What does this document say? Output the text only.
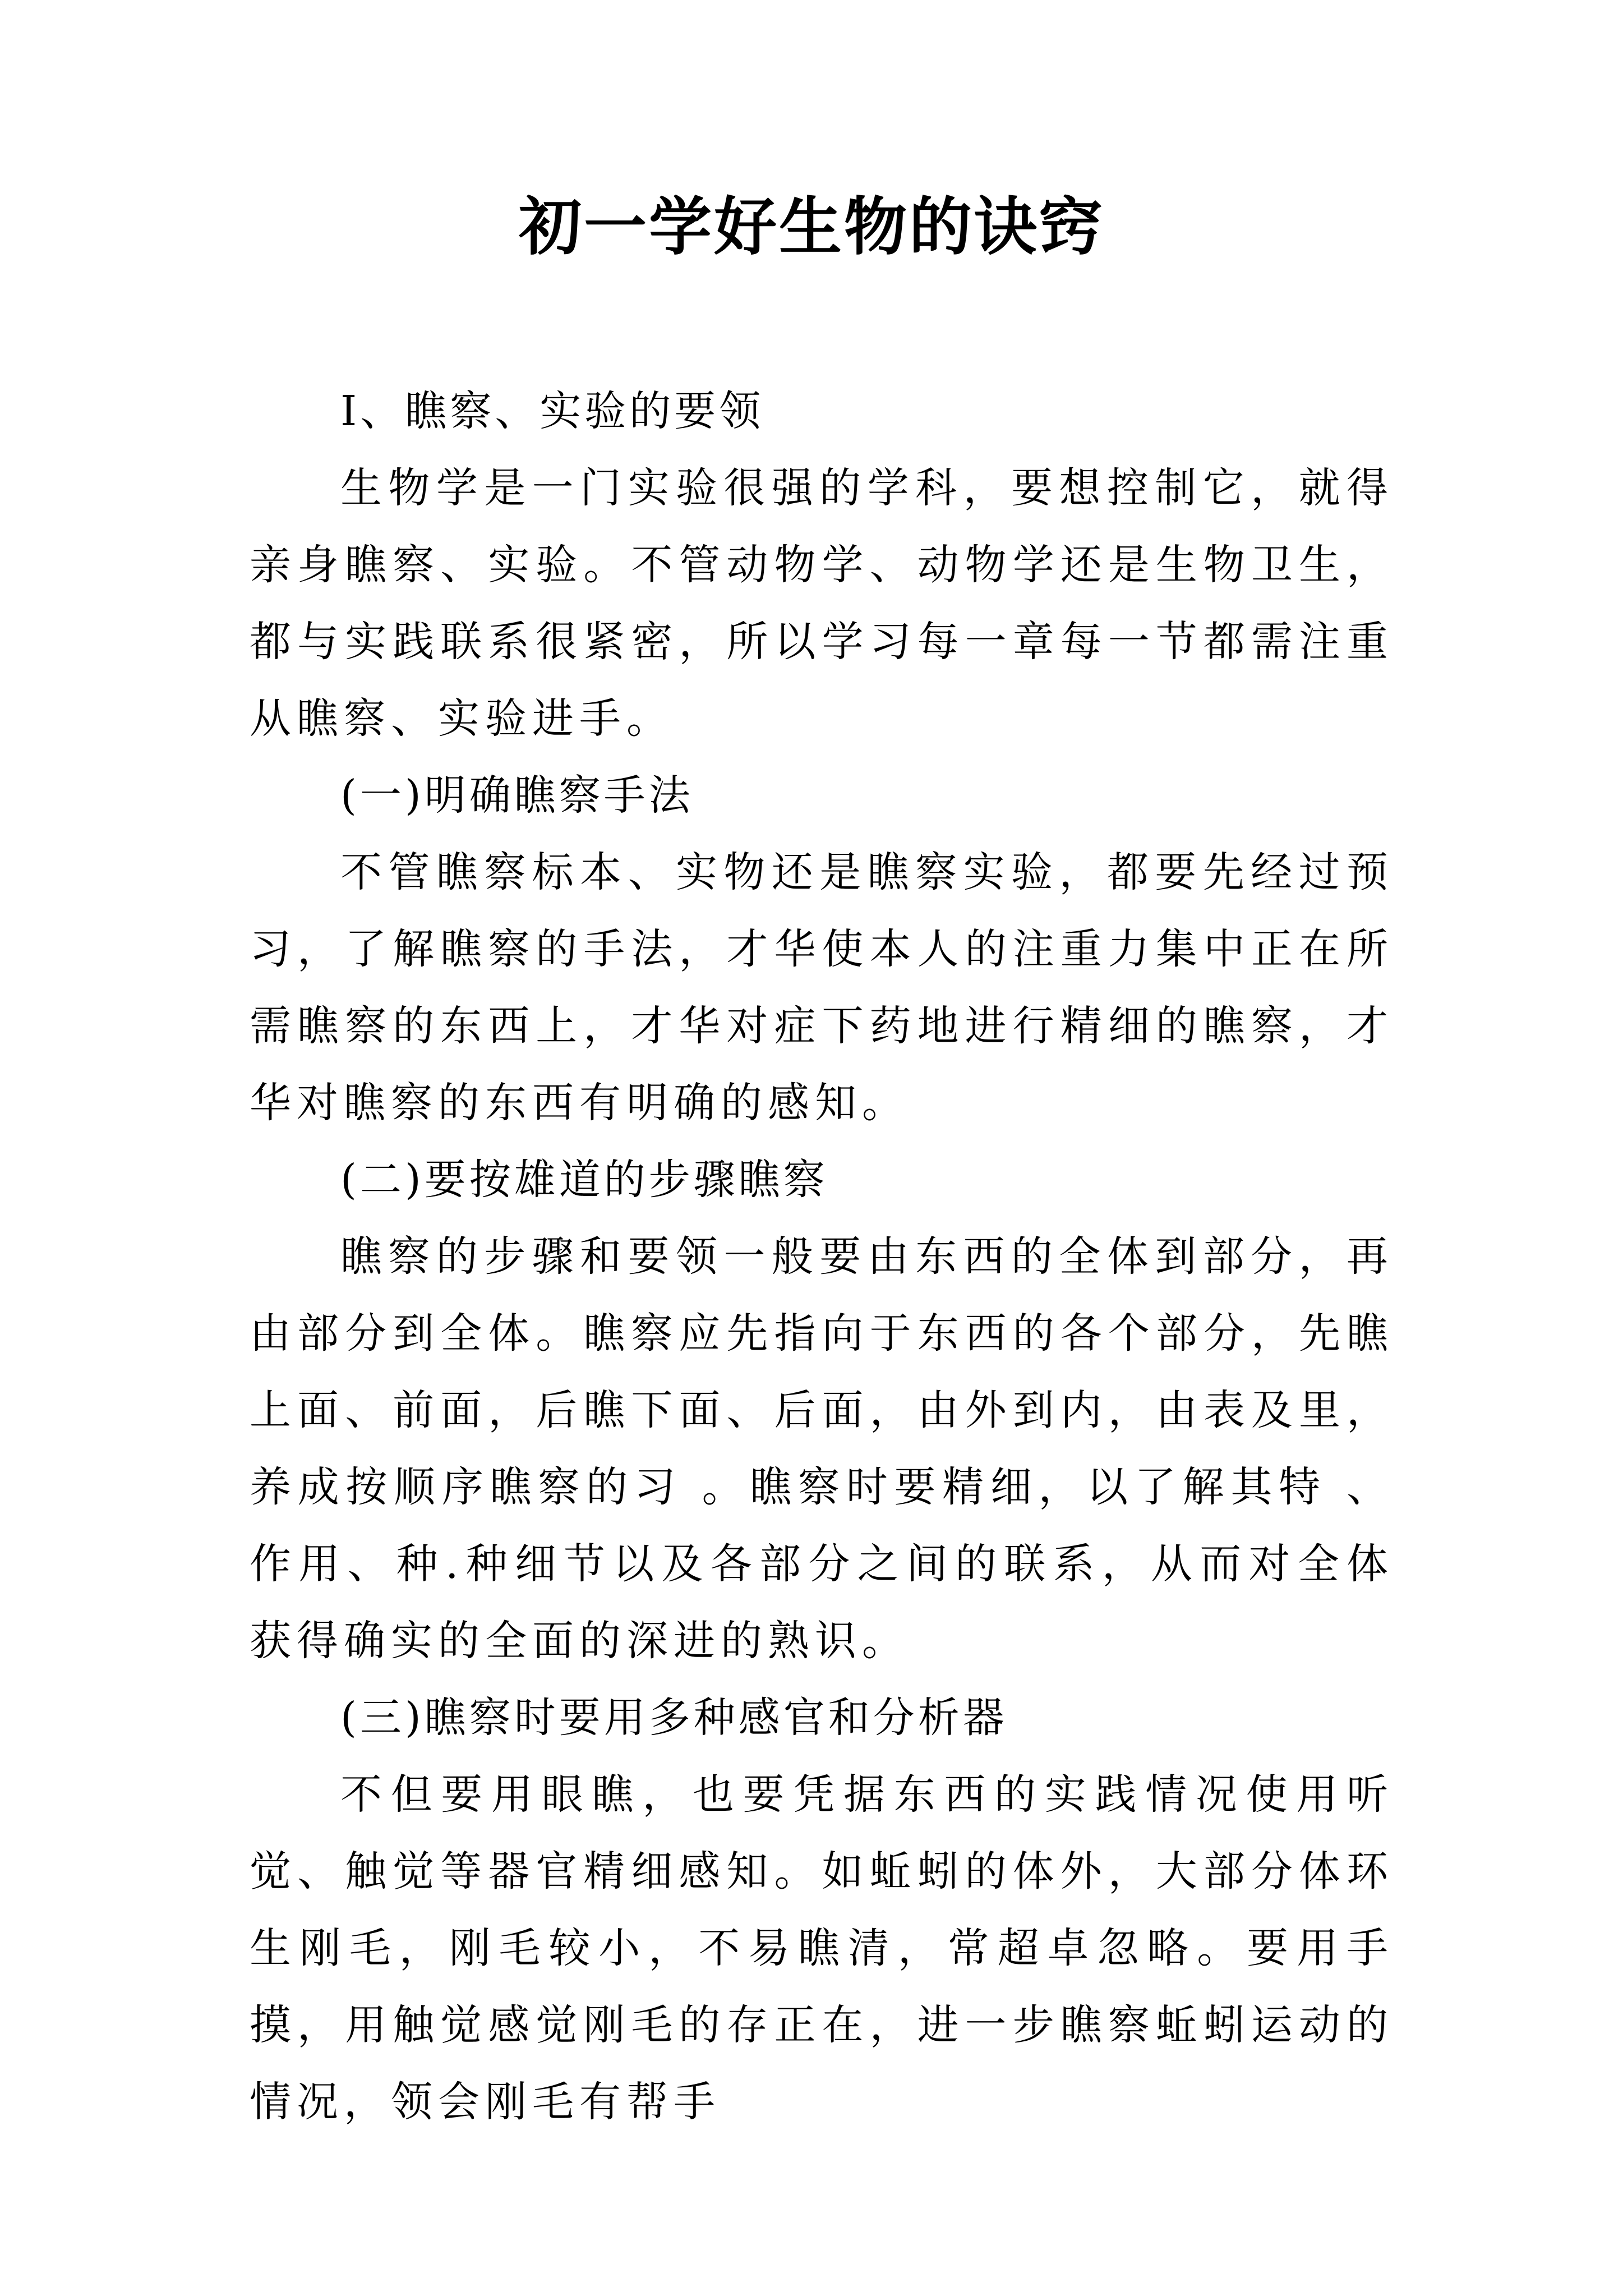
初一学好生物的诀窍

I、瞧察、实验的要领

生物学是一门实验很强的学科，要想控制它，就得亲身瞧察、实验。不管动物学、动物学还是生物卫生，都与实践联系很紧密，所以学习每一章每一节都需注重从瞧察、实验进手。

(一)明确瞧察手法

不管瞧察标本、实物还是瞧察实验，都要先经过预习，了解瞧察的手法，才华使本人的注重力集中正在所需瞧察的东西上，才华对症下药地进行精细的瞧察，才华对瞧察的东西有明确的感知。

(二)要按雄道的步骤瞧察

瞧察的步骤和要领一般要由东西的全体到部分，再由部分到全体。瞧察应先指向于东西的各个部分，先瞧上面、前面，后瞧下面、后面，由外到内，由表及里，养成按顺序瞧察的习 。瞧察时要精细，以了解其特 、作用、种.种细节以及各部分之间的联系，从而对全体获得确实的全面的深进的熟识。

(三)瞧察时要用多种感官和分析器

不但要用眼瞧，也要凭据东西的实践情况使用听觉、触觉等器官精细感知。如蚯蚓的体外，大部分体环生刚毛，刚毛较小，不易瞧清，常超卓忽略。要用手摸，用触觉感觉刚毛的存正在，进一步瞧察蚯蚓运动的情况，领会刚毛有帮手
